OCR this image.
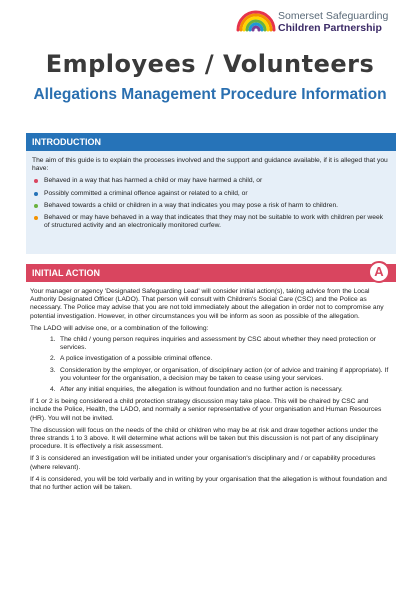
Somerset Safeguarding
Children Partnership
Employees / Volunteers
Allegations Management Procedure Information
INTRODUCTION
The aim of this guide is to explain the processes involved and the support and guidance available, if it is alleged that you have:
Behaved in a way that has harmed a child or may have harmed a child, or
Possibly committed a criminal offence against or related to a child, or
Behaved towards a child or children in a way that indicates you may pose a risk of harm to children.
Behaved or may have behaved in a way that indicates that they may not be suitable to work with children per week of structured activity and an electronically monitored curfew.
INITIAL ACTION	A
Your manager or agency 'Designated Safeguarding Lead' will consider initial action(s), taking advice from the Local Authority Designated Officer (LADO). That person will consult with Children's Social Care (CSC) and the Police as necessary. The Police may advise that you are not told immediately about the allegation in order not to compromise any potential investigation. However, in other circumstances you will be inform as soon as possible of the allegation.
The LADO will advise one, or a combination of the following:
1. The child / young person requires inquiries and assessment by CSC about whether they need protection or services.
2. A police investigation of a possible criminal offence.
3. Consideration by the employer, or organisation, of disciplinary action (or of advice and training if appropriate). If you volunteer for the organisation, a decision may be taken to cease using your services.
4. After any initial enquiries, the allegation is without foundation and no further action is necessary.
If 1 or 2 is being considered a child protection strategy discussion may take place. This will be chaired by CSC and include the Police, Health, the LADO, and normally a senior representative of your organisation and Human Resources (HR). You will not be invited.
The discussion will focus on the needs of the child or children who may be at risk and draw together actions under the three strands 1 to 3 above. It will determine what actions will be taken but this discussion is not part of any disciplinary procedure. It is effectively a risk assessment.
If 3 is considered an investigation will be initiated under your organisation's disciplinary and / or capability procedures (where relevant).
If 4 is considered, you will be told verbally and in writing by your organisation that the allegation is without foundation and that no further action will be taken.
